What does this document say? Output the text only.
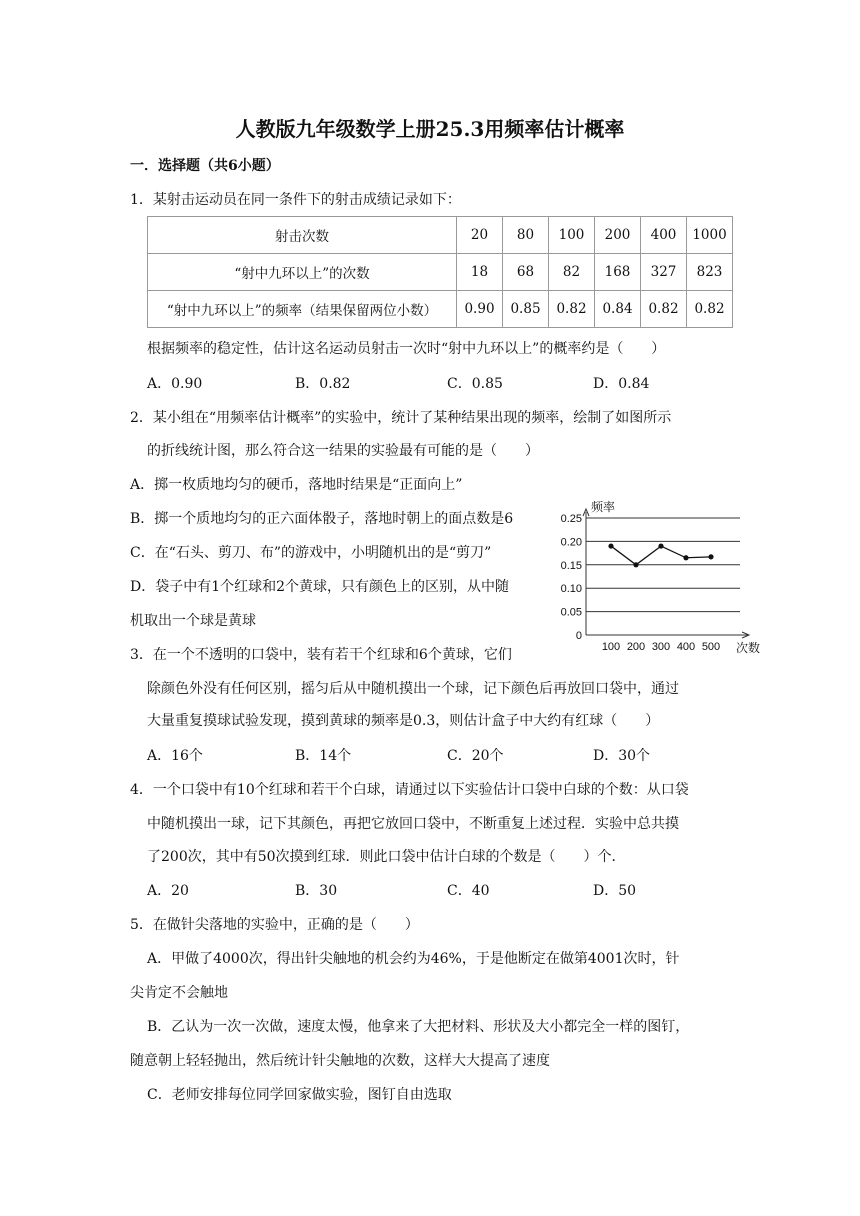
人教版九年级数学上册25.3用频率估计概率
一．选择题（共6小题）
1．某射击运动员在同一条件下的射击成绩记录如下：
射击次数	20	80	100	200	400	1000
“射中九环以上”的次数	18	68	82	168	327	823
“射中九环以上”的频率（结果保留两位小数）	0.90	0.85	0.82	0.84	0.82	0.82
根据频率的稳定性，估计这名运动员射击一次时“射中九环以上”的概率约是（　　）
A．0.90	B．0.82	C．0.85	D．0.84
2．某小组在“用频率估计概率”的实验中，统计了某种结果出现的频率，绘制了如图所示
的折线统计图，那么符合这一结果的实验最有可能的是（　　）
A．掷一枚质地均匀的硬币，落地时结果是“正面向上”
B．掷一个质地均匀的正六面体骰子，落地时朝上的面点数是6
C．在“石头、剪刀、布”的游戏中，小明随机出的是“剪刀”
D．袋子中有1个红球和2个黄球，只有颜色上的区别，从中随
机取出一个球是黄球
0
0.05
0.10
0.15
0.20
0.25
100 200 300 400 500
频率
次数
3．在一个不透明的口袋中，装有若干个红球和6个黄球，它们
除颜色外没有任何区别，摇匀后从中随机摸出一个球，记下颜色后再放回口袋中，通过
大量重复摸球试验发现，摸到黄球的频率是0.3，则估计盒子中大约有红球（　　）
A．16个	B．14个	C．20个	D．30个
4．一个口袋中有10个红球和若干个白球，请通过以下实验估计口袋中白球的个数：从口袋
中随机摸出一球，记下其颜色，再把它放回口袋中，不断重复上述过程．实验中总共摸
了200次，其中有50次摸到红球．则此口袋中估计白球的个数是（　　）个．
A．20	B．30	C．40	D．50
5．在做针尖落地的实验中，正确的是（　　）
A．甲做了4000次，得出针尖触地的机会约为46%，于是他断定在做第4001次时，针
尖肯定不会触地
B．乙认为一次一次做，速度太慢，他拿来了大把材料、形状及大小都完全一样的图钉，
随意朝上轻轻抛出，然后统计针尖触地的次数，这样大大提高了速度
C．老师安排每位同学回家做实验，图钉自由选取
